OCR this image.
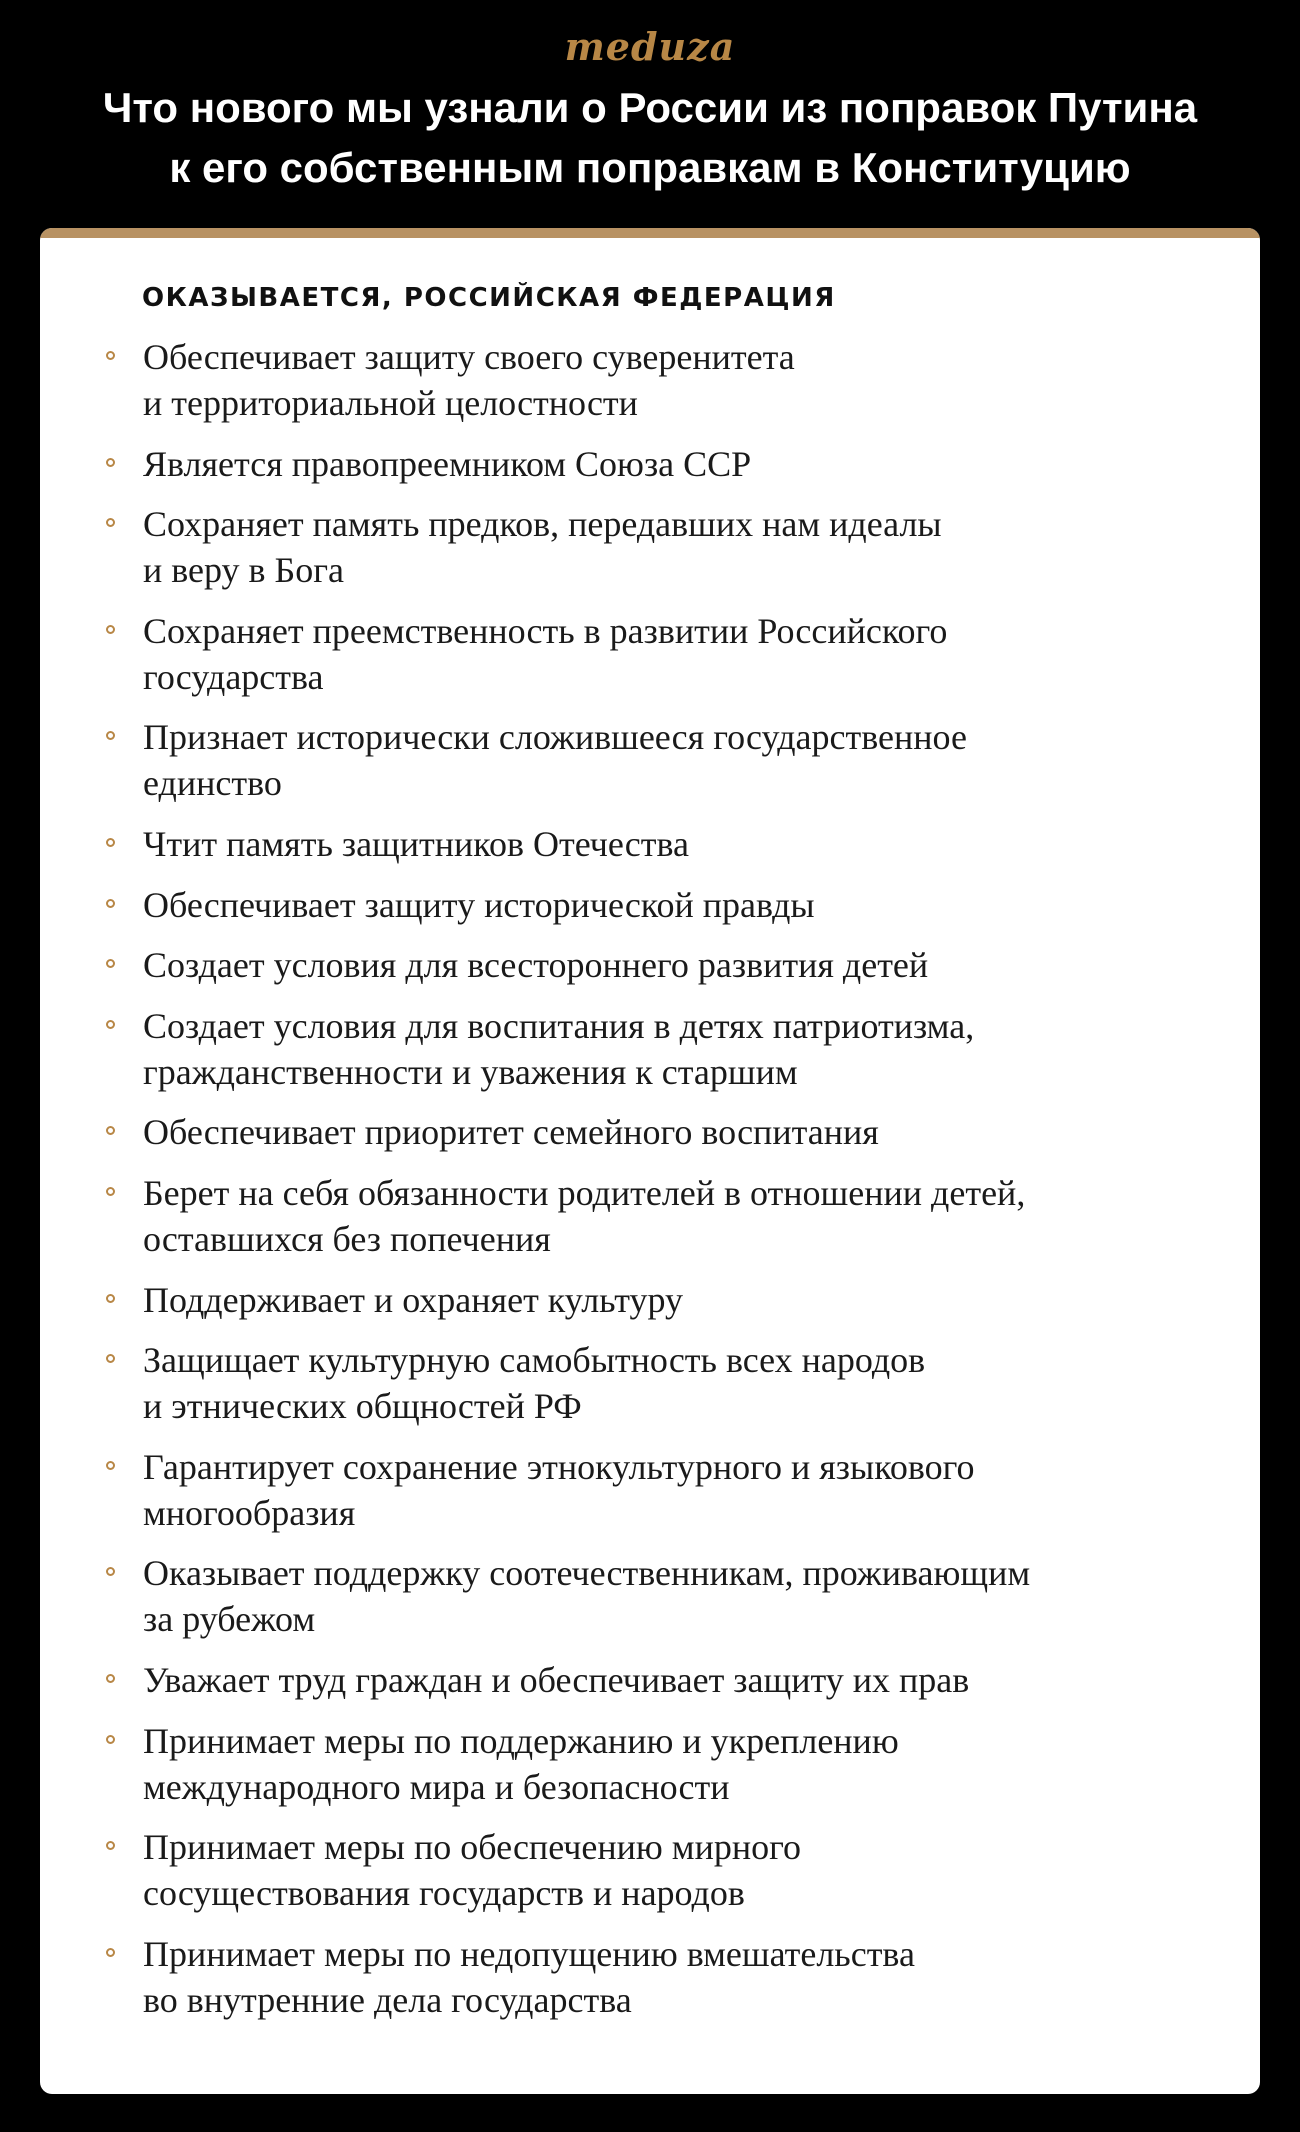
meduza
Что нового мы узнали о России из поправок Путина
к его собственным поправкам в Конституцию
ОКАЗЫВАЕТСЯ, РОССИЙСКАЯ ФЕДЕРАЦИЯ
Обеспечивает защиту своего суверенитета
и территориальной целостности
Является правопреемником Союза ССР
Сохраняет память предков, передавших нам идеалы
и веру в Бога
Сохраняет преемственность в развитии Российского
государства
Признает исторически сложившееся государственное
единство
Чтит память защитников Отечества
Обеспечивает защиту исторической правды
Создает условия для всестороннего развития детей
Создает условия для воспитания в детях патриотизма,
гражданственности и уважения к старшим
Обеспечивает приоритет семейного воспитания
Берет на себя обязанности родителей в отношении детей,
оставшихся без попечения
Поддерживает и охраняет культуру
Защищает культурную самобытность всех народов
и этнических общностей РФ
Гарантирует сохранение этнокультурного и языкового
многообразия
Оказывает поддержку соотечественникам, проживающим
за рубежом
Уважает труд граждан и обеспечивает защиту их прав
Принимает меры по поддержанию и укреплению
международного мира и безопасности
Принимает меры по обеспечению мирного
сосуществования государств и народов
Принимает меры по недопущению вмешательства
во внутренние дела государства
